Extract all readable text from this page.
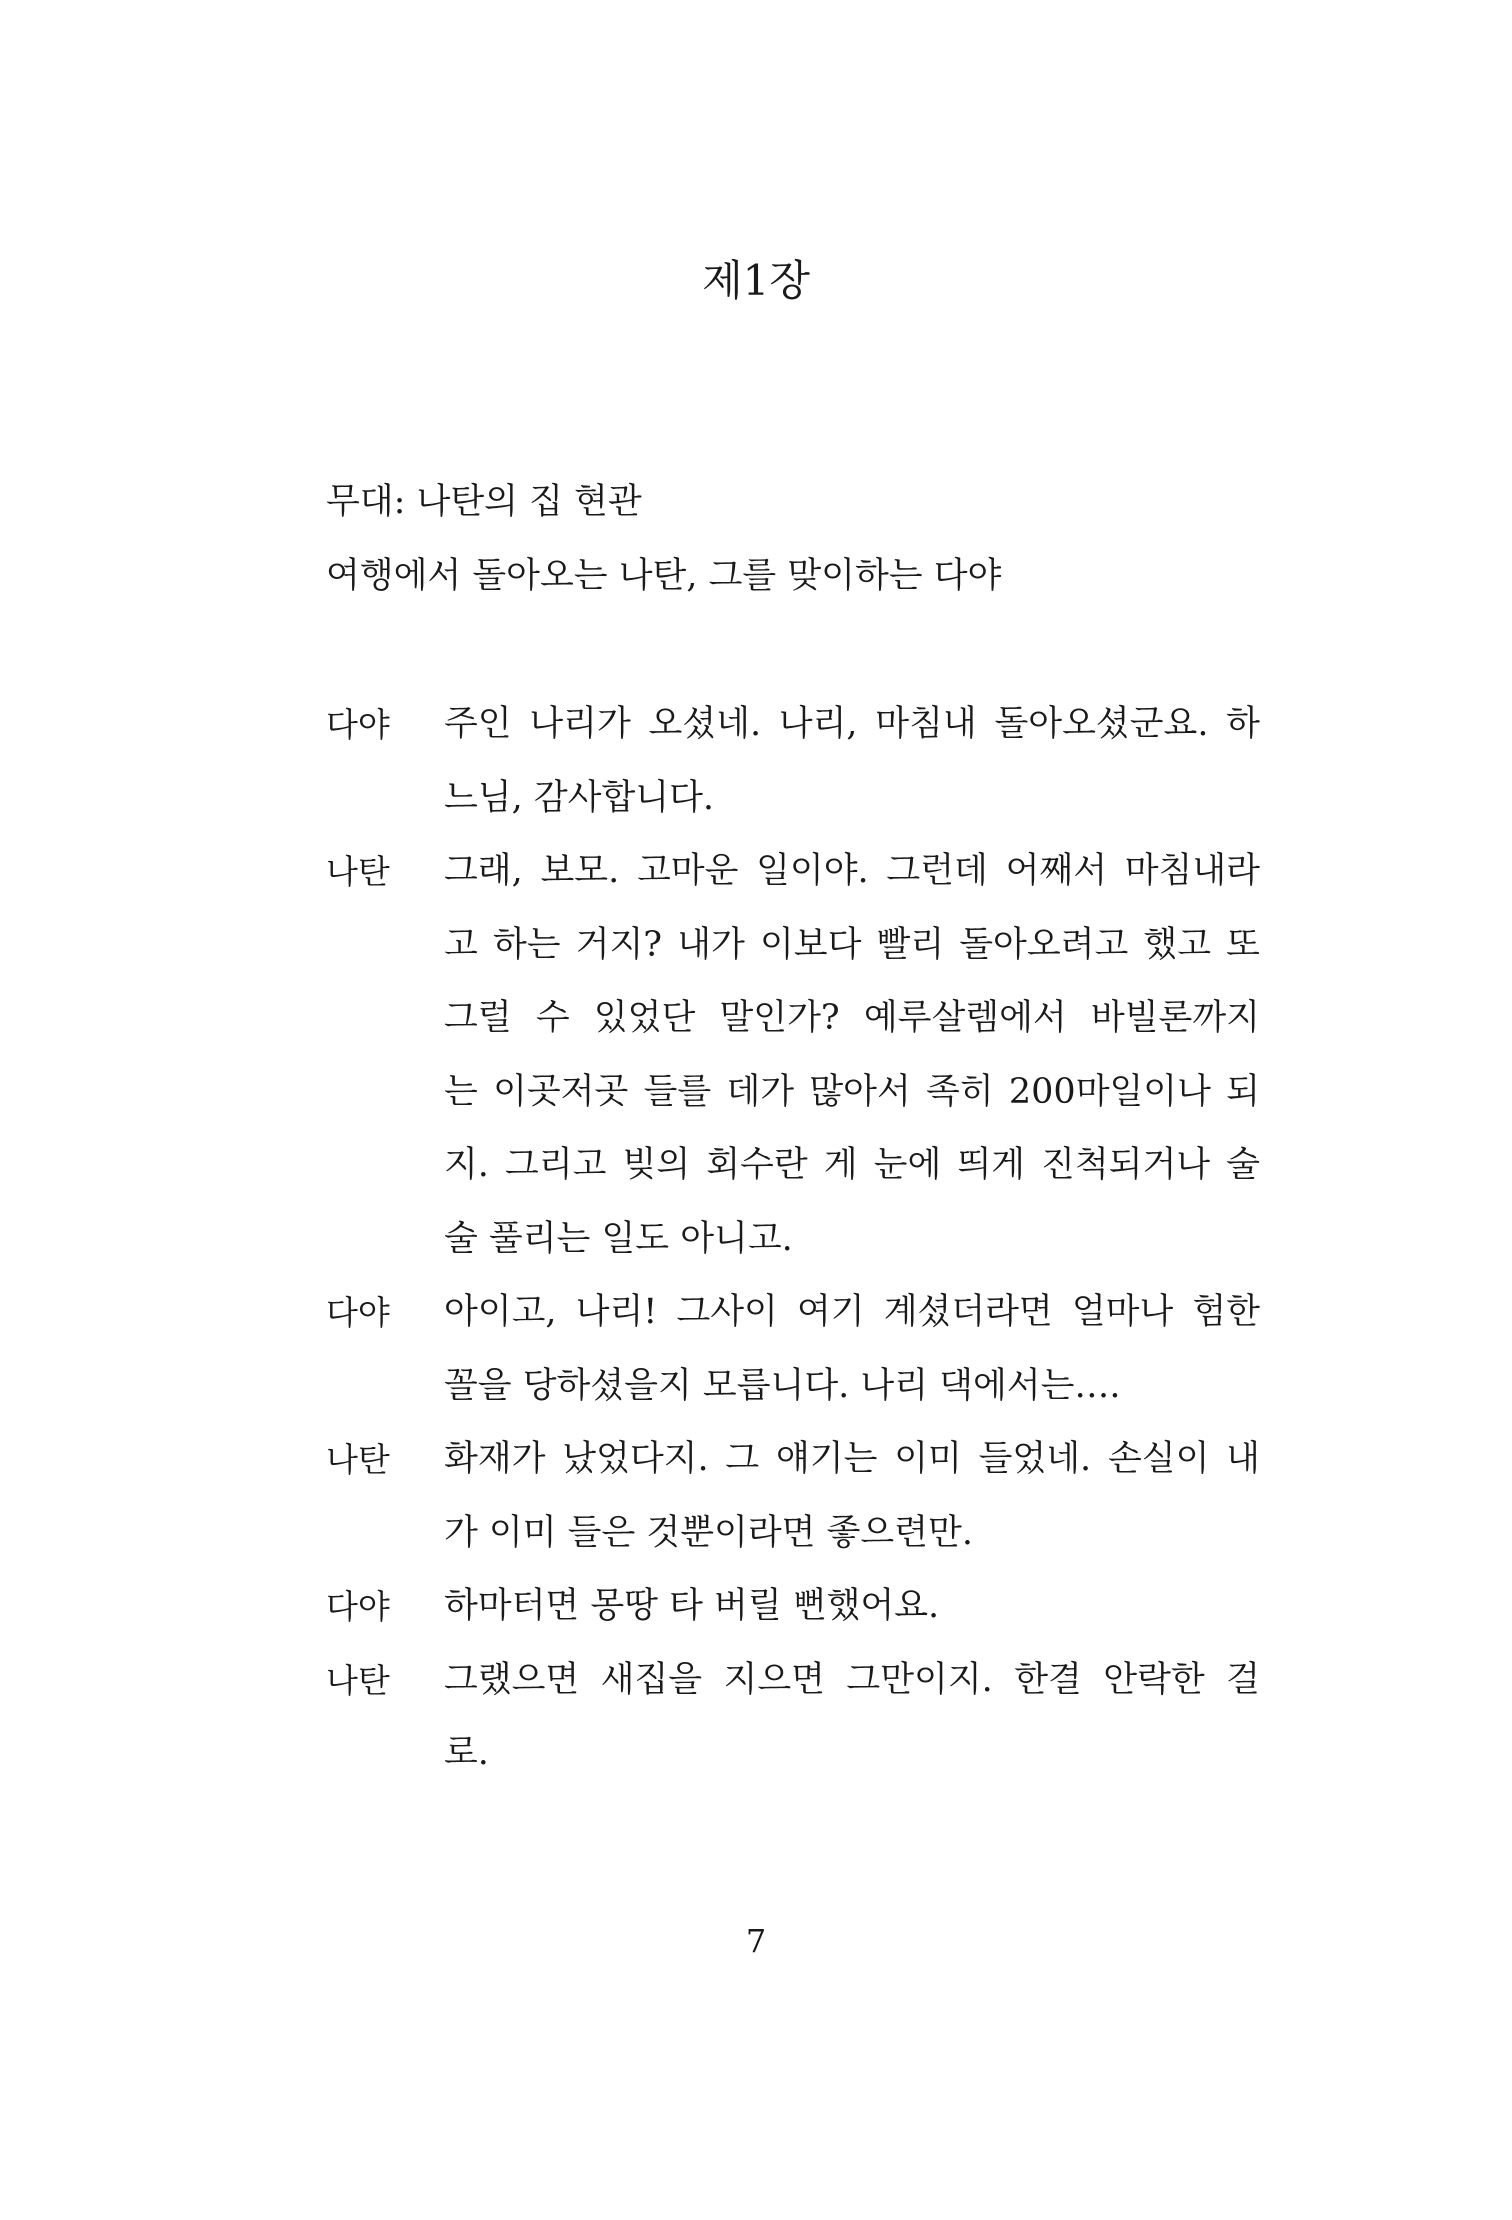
제1장
무대: 나탄의 집 현관
여행에서 돌아오는 나탄, 그를 맞이하는 다야
다야	주인 나리가 오셨네. 나리, 마침내 돌아오셨군요. 하
느님, 감사합니다.
나탄	그래, 보모. 고마운 일이야. 그런데 어째서 마침내라
고 하는 거지? 내가 이보다 빨리 돌아오려고 했고 또
그럴 수 있었단 말인가? 예루살렘에서 바빌론까지
는 이곳저곳 들를 데가 많아서 족히 200마일이나 되
지. 그리고 빚의 회수란 게 눈에 띄게 진척되거나 술
술 풀리는 일도 아니고.
다야	아이고, 나리! 그사이 여기 계셨더라면 얼마나 험한
꼴을 당하셨을지 모릅니다. 나리 댁에서는….
나탄	화재가 났었다지. 그 얘기는 이미 들었네. 손실이 내
가 이미 들은 것뿐이라면 좋으련만.
다야	하마터면 몽땅 타 버릴 뻔했어요.
나탄	그랬으면 새집을 지으면 그만이지. 한결 안락한 걸
로.
7
